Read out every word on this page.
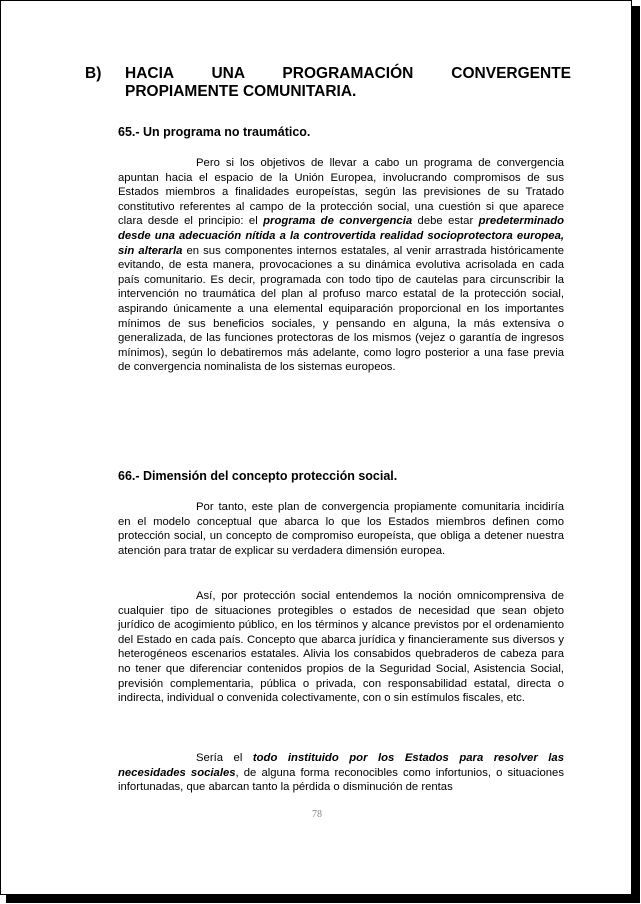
B) HACIA UNA PROGRAMACIÓN CONVERGENTE
PROPIAMENTE COMUNITARIA.
65.- Un programa no traumático.

Pero si los objetivos de llevar a cabo un programa de convergencia apuntan hacia el espacio de la Unión Europea, involucrando compromisos de sus Estados miembros a finalidades europeístas, según las previsiones de su Tratado constitutivo referentes al campo de la protección social, una cuestión si que aparece clara desde el principio: el programa de convergencia debe estar predeterminado desde una adecuación nítida a la controvertida realidad socioprotectora europea, sin alterarla en sus componentes internos estatales, al venir arrastrada históricamente evitando, de esta manera, provocaciones a su dinámica evolutiva acrisolada en cada país comunitario. Es decir, programada con todo tipo de cautelas para circunscribir la intervención no traumática del plan al profuso marco estatal de la protección social, aspirando únicamente a una elemental equiparación proporcional en los importantes mínimos de sus beneficios sociales, y pensando en alguna, la más extensiva o generalizada, de las funciones protectoras de los mismos (vejez o garantía de ingresos mínimos), según lo debatiremos más adelante, como logro posterior a una fase previa de convergencia nominalista de los sistemas europeos.

66.- Dimensión del concepto protección social.

Por tanto, este plan de convergencia propiamente comunitaria incidiría en el modelo conceptual que abarca lo que los Estados miembros definen como protección social, un concepto de compromiso europeísta, que obliga a detener nuestra atención para tratar de explicar su verdadera dimensión europea.

Así, por protección social entendemos la noción omnicomprensiva de cualquier tipo de situaciones protegibles o estados de necesidad que sean objeto jurídico de acogimiento público, en los términos y alcance previstos por el ordenamiento del Estado en cada país. Concepto que abarca jurídica y financieramente sus diversos y heterogéneos escenarios estatales. Alivia los consabidos quebraderos de cabeza para no tener que diferenciar contenidos propios de la Seguridad Social, Asistencia Social, previsión complementaria, pública o privada, con responsabilidad estatal, directa o indirecta, individual o convenida colectivamente, con o sin estímulos fiscales, etc.

Sería el todo instituido por los Estados para resolver las necesidades sociales, de alguna forma reconocibles como infortunios, o situaciones infortunadas, que abarcan tanto la pérdida o disminución de rentas

78
